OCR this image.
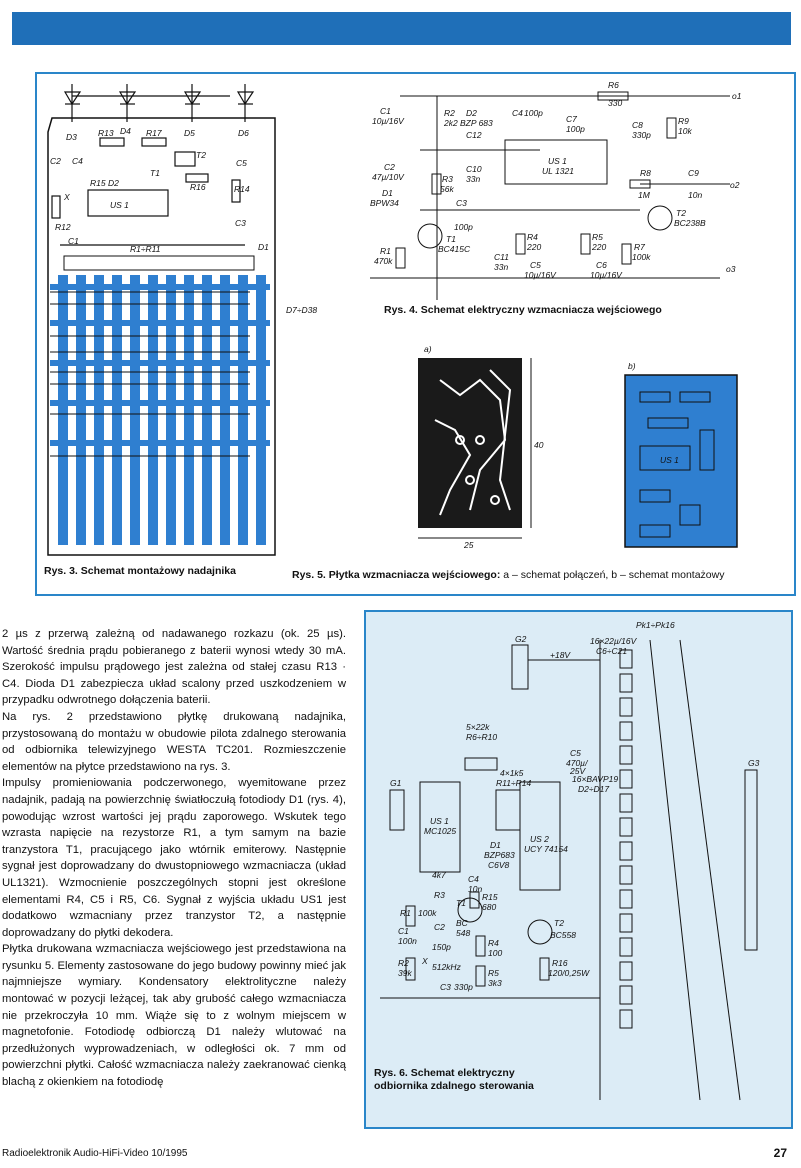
D3 R13 D4 R17	D5	D6
C2 C4
T2
T1
C5
R15 D2	R16	R14
X
US 1
R12	C3
C1
R1÷R11	D1
D7÷D38
Rys. 3. Schemat montażowy nadajnika
R6
330
o1
C1
10µ/16V
R2
2k2
D2
BZP 683
C12
C4 100p
C7
100p	C8
330p
R9
10k
C2
47µ/10V	R3
56k
C10
33n
US 1
UL 1321	R8
1M
C9
10n
o2
D1
BPW34	C3
100p
T2
BC238B
T1
BC415C
R1
470k
R4
220
R5
220	R7
100k
C11
33n	C5
10µ/16V
C6
10µ/16V
o3
Rys. 4. Schemat elektryczny wzmacniacza wejściowego
a)
40
25
b)
US 1
Rys. 5. Płytka wzmacniacza wejściowego: a – schemat połączeń, b – schemat montażowy
Pk1÷Pk16
16×22µ/16V
C6÷C21
G2
+18V
C5
470µ/
25V
16×BAVP19
D2÷D17
G3
5×22k
R6÷R10
4×1k5
R11÷R14
G1
US 1
MC1025
US 2
UCY 74154
D1
BZP683
C6V8
C4
10n
R3
4k7
T1
R15
680
T2
BC558
R1 100k
C1
100n
C2
150p
BC
548
R4
100
R2
39k
X
512kHz
R5
3k3
C3 330p
R16
120/0,25W
Rys. 6. Schemat elektryczny
odbiornika zdalnego sterowania

2 µs z przerwą zależną od nadawanego rozkazu (ok. 25 µs). Wartość średnia prądu pobieranego z baterii wynosi wtedy 30 mA. Szerokość impulsu prądowego jest zależna od stałej czasu R13 · C4. Dioda D1 zabezpiecza układ scalony przed uszkodzeniem w przypadku odwrotnego dołączenia baterii.

Na rys. 2 przedstawiono płytkę drukowaną nadajnika, przystosowaną do montażu w obudowie pilota zdalnego sterowania od odbiornika telewizyjnego WESTA TC201. Rozmieszczenie elementów na płytce przedstawiono na rys. 3.

Impulsy promieniowania podczerwonego, wyemitowane przez nadajnik, padają na powierzchnię światłoczułą fotodiody D1 (rys. 4), powodując wzrost wartości jej prądu zaporowego. Wskutek tego wzrasta napięcie na rezystorze R1, a tym samym na bazie tranzystora T1, pracującego jako wtórnik emiterowy. Następnie sygnał jest doprowadzany do dwustopniowego wzmacniacza (układ UL1321). Wzmocnienie poszczególnych stopni jest określone elementami R4, C5 i R5, C6. Sygnał z wyjścia układu US1 jest dodatkowo wzmacniany przez tranzystor T2, a następnie doprowadzany do płytki dekodera.

Płytka drukowana wzmacniacza wejściowego jest przedstawiona na rysunku 5. Elementy zastosowane do jego budowy powinny mieć jak najmniejsze wymiary. Kondensatory elektrolityczne należy montować w pozycji leżącej, tak aby grubość całego wzmacniacza nie przekroczyła 10 mm. Wiąże się to z wolnym miejscem w magnetofonie. Fotodiodę odbiorczą D1 należy wlutować na przedłużonych wyprowadzeniach, w odległości ok. 7 mm od powierzchni płytki. Całość wzmacniacza należy zaekranować cienką blachą z okienkiem na fotodiodę

Radioelektronik Audio-HiFi-Video 10/1995	27
